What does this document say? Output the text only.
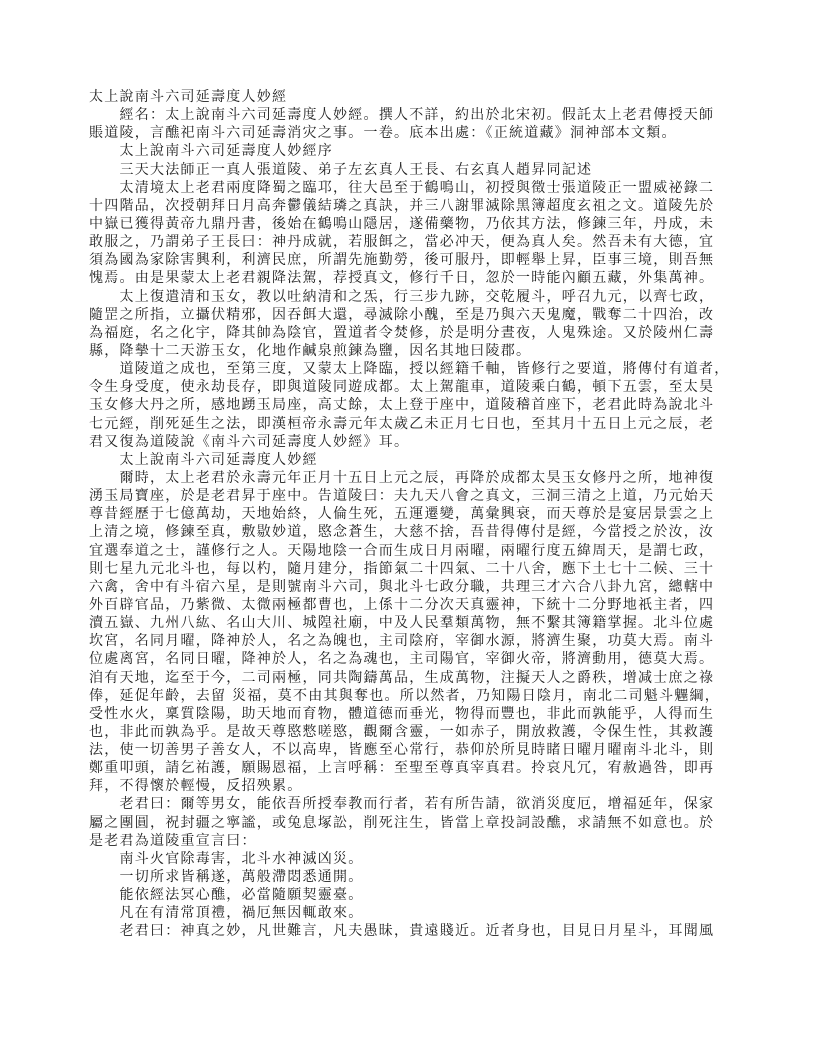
太上說南斗六司延壽度人妙經
　　經名：太上說南斗六司延壽度人妙經。撰人不詳，約出於北宋初。假託太上老君傳授天師
賬道陵，言醮祀南斗六司延壽消灾之事。一卷。底本出處：《正統道藏》洞神部本文類。
　　太上說南斗六司延壽度人妙經序
　　三天大法師正一真人張道陵、弟子左玄真人王長、右玄真人趙昇同記述
　　太清境太上老君兩度降蜀之臨邛，往大邑至于鶴鳴山，初授與徵士張道陵正一盟威祕錄二
十四階品，次授朝拜日月高奔鬱儀結璘之真訣，并三八謝罪滅除黑簿超度玄祖之文。道陵先於
中嶽已獲得黃帝九鼎丹書，後始在鶴鳴山隱居，遂備藥物，乃依其方法，修鍊三年，丹成，未
敢服之，乃謂弟子王長曰：神丹成就，若服餌之，當必冲天，便為真人矣。然吾未有大德，宜
須為國為家除害興利，利濟民庶，所謂先施勤勞，後可服丹，即輕舉上昇，臣事三境，則吾無
愧焉。由是果蒙太上老君親降法駕，荐授真文，修行千日，忽於一時能內顧五藏，外集萬神。
　　太上復遣清和玉女，教以吐納清和之炁，行三步九跡，交乾履斗，呼召九元，以齊七政，
隨罡之所指，立攝伏精邪，因吞餌大還，尋滅除小醜，至是乃與六天鬼魔，戰奪二十四治，改
為福庭，名之化宇，降其帥為陰官，置道者令焚修，於是明分晝夜，人鬼殊途。又於陵州仁壽
縣，降摰十二天游玉女，化地作鹹泉煎鍊為鹽，因名其地曰陵郡。
　　道陵道之成也，至第三度，又蒙太上降臨，授以經籍千軸，皆修行之要道，將傳付有道者，
令生身受度，使永劫長存，即與道陵同遊成都。太上駕龍車，道陵乘白鶴，頓下五雲，至太昊
玉女修大丹之所，感地踴玉局座，高丈餘，太上登于座中，道陵稽首座下，老君此時為說北斗
七元經，削死延生之法，即漢桓帝永壽元年太歲乙未正月七日也，至其月十五日上元之辰，老
君又復為道陵說《南斗六司延壽度人妙經》耳。
　　太上說南斗六司延壽度人妙經
　　爾時，太上老君於永壽元年正月十五日上元之辰，再降於成都太昊玉女修丹之所，地神復
湧玉局寶座，於是老君昇于座中。告道陵曰：夫九天八會之真文，三洞三清之上道，乃元始天
尊昔經歷于七億萬劫，天地始終，人倫生死，五運遷變，萬彙興衰，而天尊於是宴居景雲之上
上清之境，修鍊至真，敷敭妙道，愍念蒼生，大慈不捨，吾昔得傳付是經，今當授之於汝，汝
宜選奉道之士，謹修行之人。天陽地陰一合而生成日月兩曜，兩曜行度五緯周天，是謂七政，
則七星九元北斗也，每以杓，隨月建分，指節氣二十四氣、二十八舍，應下土七十二候、三十
六禽，舍中有斗宿六星，是則號南斗六司，與北斗七政分職，共理三才六合八卦九宮，總轄中
外百辟官品，乃紫微、太微兩極都曹也，上係十二分次天真靈神，下統十二分野地祇主者，四
瀆五嶽、九州八紘、名山大川、城隍社廟，中及人民羣類萬物，無不繫其簿籍掌握。北斗位處
坎宮，名同月曜，降神於人，名之為魄也，主司陰府，宰御水源，將濟生聚，功莫大焉。南斗
位處离宮，名同日曜，降神於人，名之為魂也，主司陽官，宰御火帝，將濟動用，德莫大焉。
洎有天地，迄至于今，二司兩極，同共陶鑄萬品，生成萬物，注擬天人之爵秩，增减士庶之祿
俸，延促年齡，去留 災福，莫不由其與奪也。所以然者，乃知陽日陰月，南北二司魁斗魓綱，
受性水火，稟質陰陽，助天地而育物，體道德而垂光，物得而豐也，非此而孰能乎，人得而生
也，非此而孰為乎。是故天尊愍慗嗟愍，觀爾含靈，一如赤子，開放救護，令保生性，其救護
法，使一切善男子善女人，不以高卑，皆應至心常行，恭仰於所見時睹日曜月曜南斗北斗，則
鄭重叩頭，請乞祐護，願賜恩福，上言呼稱：至聖至尊真宰真君。拎哀凡冗，宥赦過咎，即再
拜，不得懷於輕慢，反招殃累。
　　老君曰：爾等男女，能依吾所授奉教而行者，若有所告請，欲消災度厄，增福延年，保家
屬之團圓，祝封疆之寧謐，或兔息塚訟，削死注生，皆當上章投詞設醮，求請無不如意也。於
是老君為道陵重宣言曰：
　　南斗火官除毒害，北斗水神滅凶災。
　　一切所求皆稱遂，萬般滯悶悉通開。
　　能依經法冥心醮，必當隨願契靈臺。
　　凡在有清常頂禮，禍厄無因輒敢來。
　　老君曰：神真之妙，凡世難言，凡夫愚昧，貴遠賤近。近者身也，目見日月星斗，耳聞風
